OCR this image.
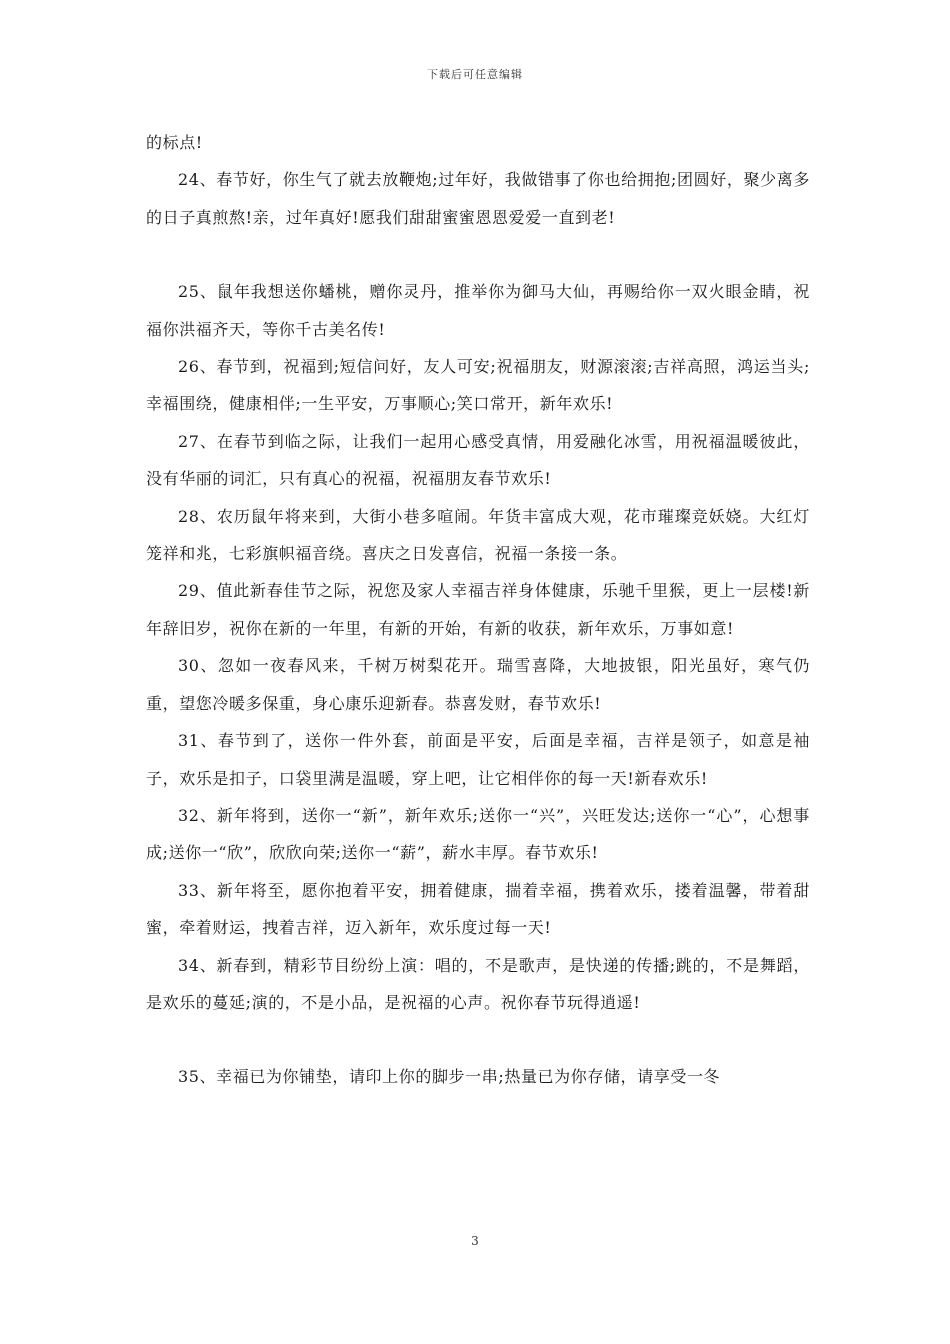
下载后可任意编辑

的标点!

24、春节好，你生气了就去放鞭炮;过年好，我做错事了你也给拥抱;团圆好，聚少离多的日子真煎熬!亲，过年真好!愿我们甜甜蜜蜜恩恩爱爱一直到老!

25、鼠年我想送你蟠桃，赠你灵丹，推举你为御马大仙，再赐给你一双火眼金睛，祝福你洪福齐天，等你千古美名传!

26、春节到，祝福到;短信问好，友人可安;祝福朋友，财源滚滚;吉祥高照，鸿运当头;幸福围绕，健康相伴;一生平安，万事顺心;笑口常开，新年欢乐!

27、在春节到临之际，让我们一起用心感受真情，用爱融化冰雪，用祝福温暖彼此，没有华丽的词汇，只有真心的祝福，祝福朋友春节欢乐!

28、农历鼠年将来到，大街小巷多喧闹。年货丰富成大观，花市璀璨竞妖娆。大红灯笼祥和兆，七彩旗帜福音绕。喜庆之日发喜信，祝福一条接一条。

29、值此新春佳节之际，祝您及家人幸福吉祥身体健康，乐驰千里猴，更上一层楼!新年辞旧岁，祝你在新的一年里，有新的开始，有新的收获，新年欢乐，万事如意!

30、忽如一夜春风来，千树万树梨花开。瑞雪喜降，大地披银，阳光虽好，寒气仍重，望您冷暖多保重，身心康乐迎新春。恭喜发财，春节欢乐!

31、春节到了，送你一件外套，前面是平安，后面是幸福，吉祥是领子，如意是袖子，欢乐是扣子，口袋里满是温暖，穿上吧，让它相伴你的每一天!新春欢乐!

32、新年将到，送你一“新”，新年欢乐;送你一“兴”，兴旺发达;送你一“心”，心想事成;送你一“欣”，欣欣向荣;送你一“薪”，薪水丰厚。春节欢乐!

33、新年将至，愿你抱着平安，拥着健康，揣着幸福，携着欢乐，搂着温馨，带着甜蜜，牵着财运，拽着吉祥，迈入新年，欢乐度过每一天!

34、新春到，精彩节目纷纷上演：唱的，不是歌声，是快递的传播;跳的，不是舞蹈，是欢乐的蔓延;演的，不是小品，是祝福的心声。祝你春节玩得逍遥!

35、幸福已为你铺垫，请印上你的脚步一串;热量已为你存储，请享受一冬

3
